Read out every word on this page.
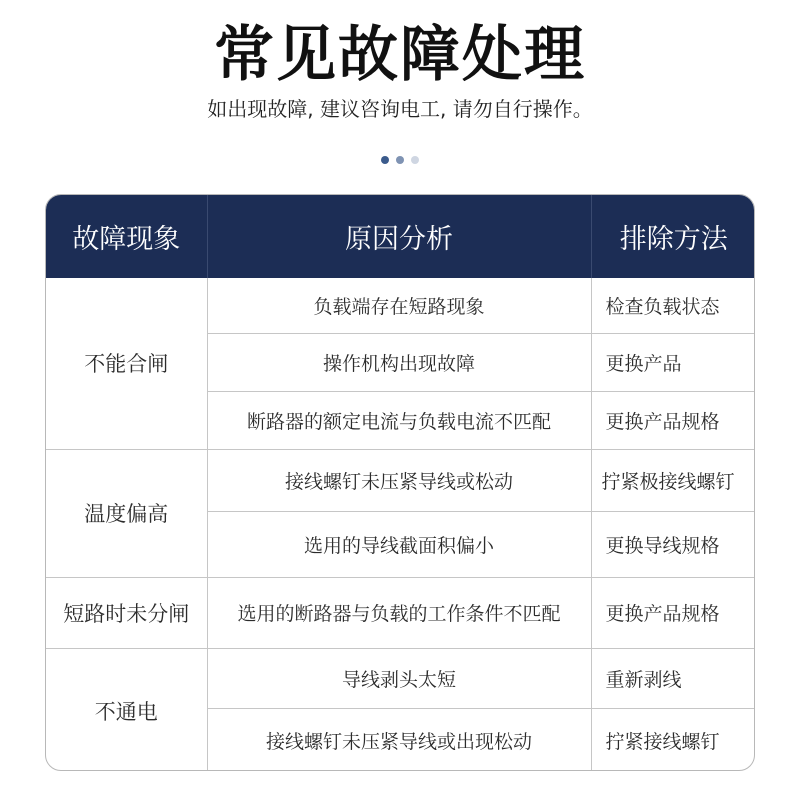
常见故障处理
如出现故障, 建议咨询电工, 请勿自行操作。
故障现象	原因分析	排除方法
不能合闸	负载端存在短路现象	检查负载状态
	操作机构出现故障	更换产品
	断路器的额定电流与负载电流不匹配	更换产品规格
温度偏高	接线螺钉未压紧导线或松动	拧紧极接线螺钉
	选用的导线截面积偏小	更换导线规格
短路时未分闸	选用的断路器与负载的工作条件不匹配	更换产品规格
不通电	导线剥头太短	重新剥线
	接线螺钉未压紧导线或出现松动	拧紧接线螺钉
